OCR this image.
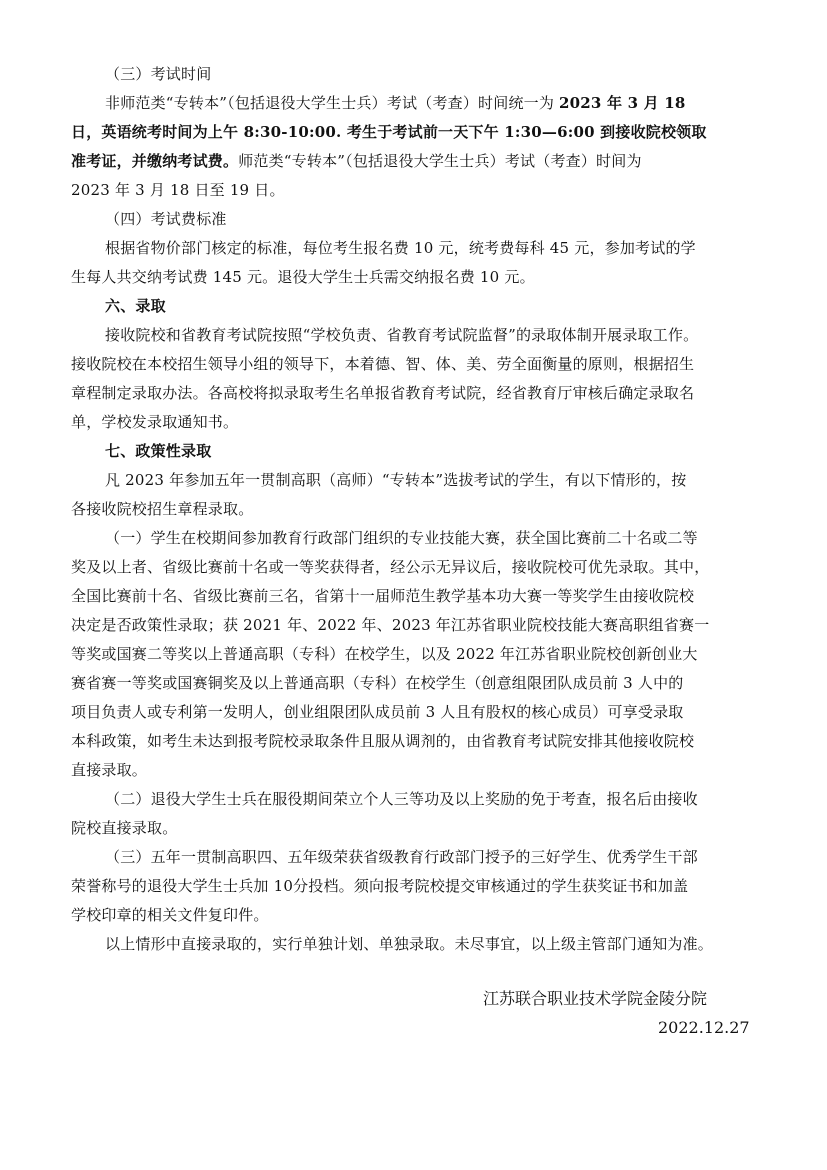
（三）考试时间
非师范类“专转本”（包括退役大学生士兵）考试（考查）时间统一为 2023 年 3 月 18
日，英语统考时间为上午 8:30-10:00. 考生于考试前一天下午 1:30—6:00 到接收院校领取
准考证，并缴纳考试费。师范类“专转本”（包括退役大学生士兵）考试（考查）时间为
2023 年 3 月 18 日至 19 日。
（四）考试费标准
根据省物价部门核定的标准，每位考生报名费 10 元，统考费每科 45 元，参加考试的学
生每人共交纳考试费 145 元。退役大学生士兵需交纳报名费 10 元。
六、录取
接收院校和省教育考试院按照“学校负责、省教育考试院监督”的录取体制开展录取工作。
接收院校在本校招生领导小组的领导下，本着德、智、体、美、劳全面衡量的原则，根据招生
章程制定录取办法。各高校将拟录取考生名单报省教育考试院，经省教育厅审核后确定录取名
单，学校发录取通知书。
七、政策性录取
凡 2023 年参加五年一贯制高职（高师）“专转本”选拔考试的学生，有以下情形的，按
各接收院校招生章程录取。
（一）学生在校期间参加教育行政部门组织的专业技能大赛，获全国比赛前二十名或二等
奖及以上者、省级比赛前十名或一等奖获得者，经公示无异议后，接收院校可优先录取。其中，
全国比赛前十名、省级比赛前三名，省第十一届师范生教学基本功大赛一等奖学生由接收院校
决定是否政策性录取；获 2021 年、2022 年、2023 年江苏省职业院校技能大赛高职组省赛一
等奖或国赛二等奖以上普通高职（专科）在校学生，以及 2022 年江苏省职业院校创新创业大
赛省赛一等奖或国赛铜奖及以上普通高职（专科）在校学生（创意组限团队成员前 3 人中的
项目负责人或专利第一发明人，创业组限团队成员前 3 人且有股权的核心成员）可享受录取
本科政策，如考生未达到报考院校录取条件且服从调剂的，由省教育考试院安排其他接收院校
直接录取。
（二）退役大学生士兵在服役期间荣立个人三等功及以上奖励的免于考查，报名后由接收
院校直接录取。
（三）五年一贯制高职四、五年级荣获省级教育行政部门授予的三好学生、优秀学生干部
荣誉称号的退役大学生士兵加 10分投档。须向报考院校提交审核通过的学生获奖证书和加盖
学校印章的相关文件复印件。
以上情形中直接录取的，实行单独计划、单独录取。未尽事宜，以上级主管部门通知为准。
江苏联合职业技术学院金陵分院
2022.12.27
